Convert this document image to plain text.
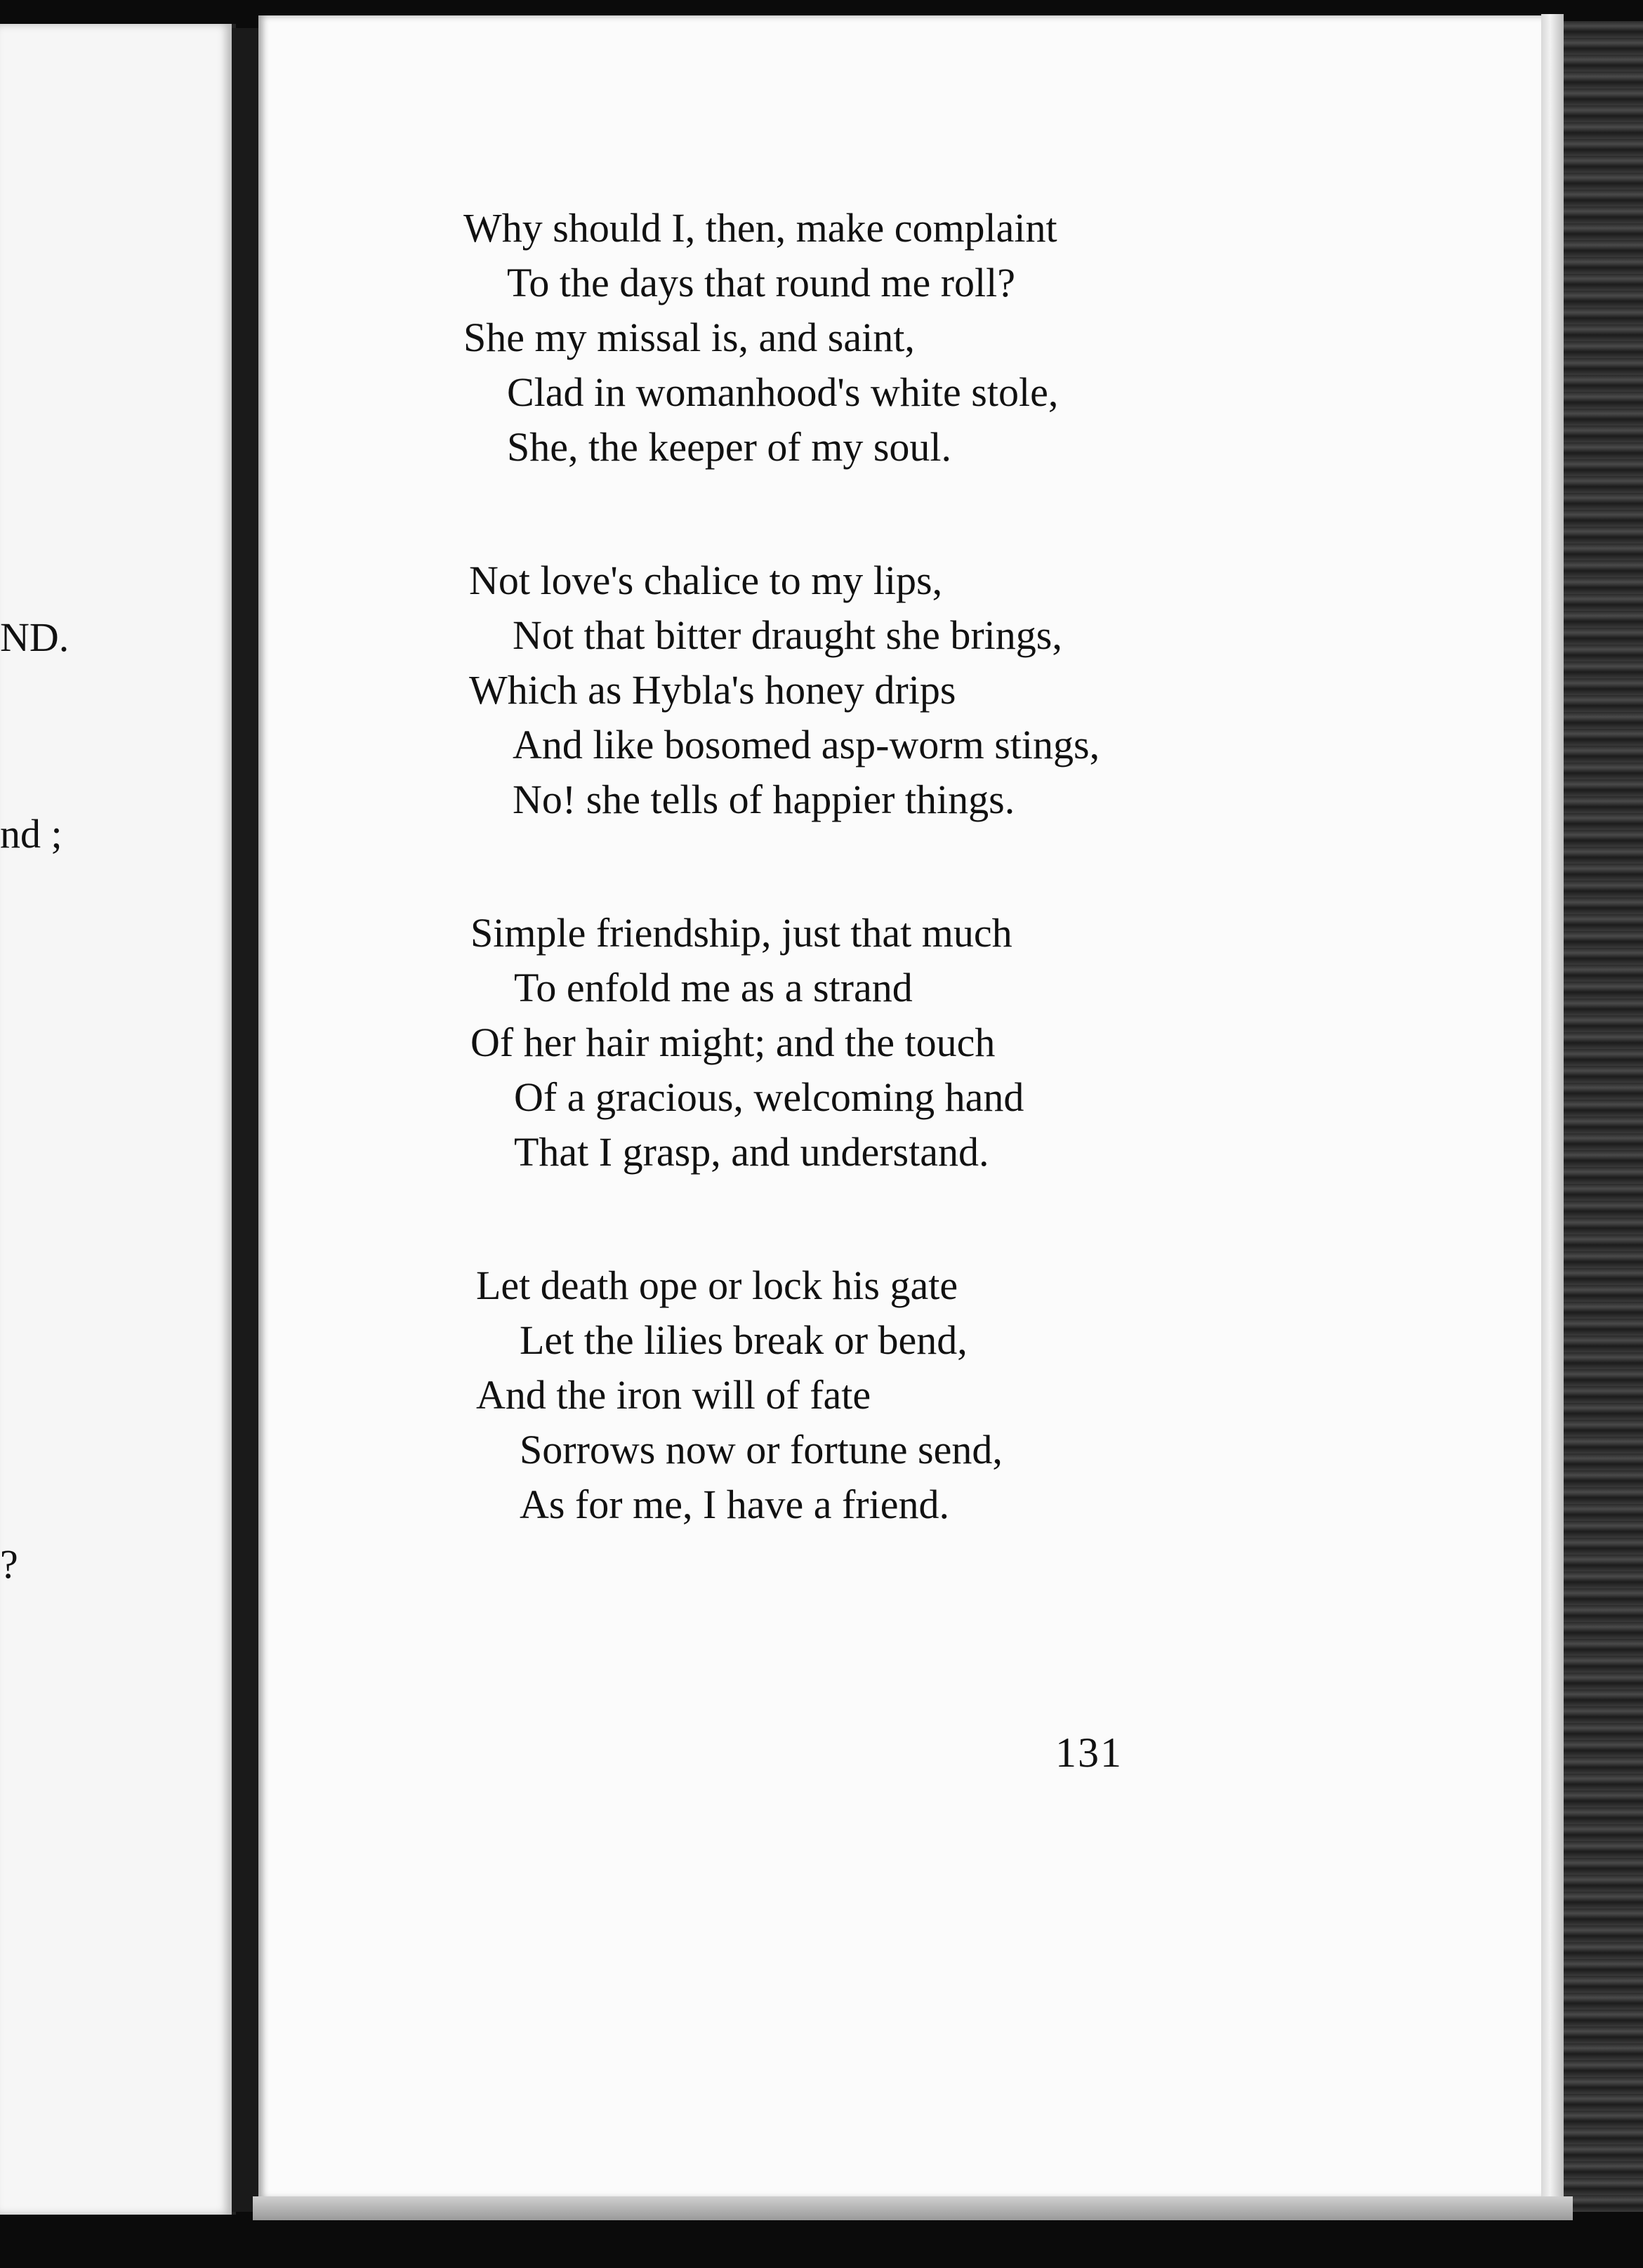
ND.
nd ;
?
Why should I, then, make complaint
To the days that round me roll?
She my missal is, and saint,
Clad in womanhood's white stole,
She, the keeper of my soul.
Not love's chalice to my lips,
Not that bitter draught she brings,
Which as Hybla's honey drips
And like bosomed asp-worm stings,
No! she tells of happier things.
Simple friendship, just that much
To enfold me as a strand
Of her hair might; and the touch
Of a gracious, welcoming hand
That I grasp, and understand.
Let death ope or lock his gate
Let the lilies break or bend,
And the iron will of fate
Sorrows now or fortune send,
As for me, I have a friend.
131
